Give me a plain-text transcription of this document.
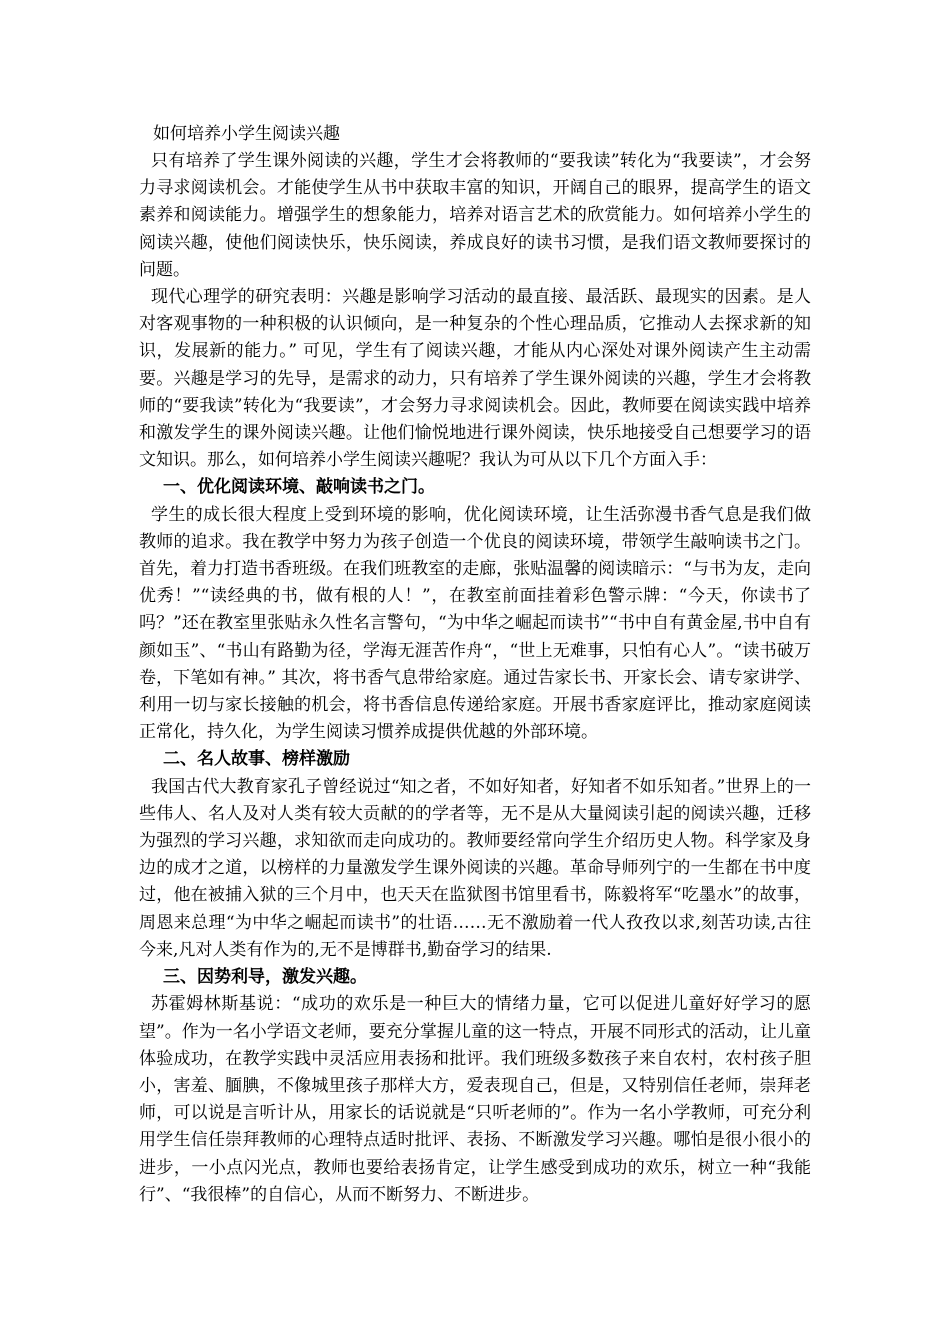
如何培养小学生阅读兴趣

只有培养了学生课外阅读的兴趣，学生才会将教师的“要我读”转化为“我要读”，才会努力寻求阅读机会。才能使学生从书中获取丰富的知识，开阔自己的眼界，提高学生的语文素养和阅读能力。增强学生的想象能力，培养对语言艺术的欣赏能力。如何培养小学生的阅读兴趣，使他们阅读快乐，快乐阅读，养成良好的读书习惯，是我们语文教师要探讨的问题。

现代心理学的研究表明：兴趣是影响学习活动的最直接、最活跃、最现实的因素。是人对客观事物的一种积极的认识倾向，是一种复杂的个性心理品质，它推动人去探求新的知识，发展新的能力。” 可见，学生有了阅读兴趣，才能从内心深处对课外阅读产生主动需要。兴趣是学习的先导，是需求的动力，只有培养了学生课外阅读的兴趣，学生才会将教师的“要我读”转化为“我要读”，才会努力寻求阅读机会。因此，教师要在阅读实践中培养和激发学生的课外阅读兴趣。让他们愉悦地进行课外阅读，快乐地接受自己想要学习的语文知识。那么，如何培养小学生阅读兴趣呢？我认为可从以下几个方面入手：

一、优化阅读环境、敲响读书之门。

学生的成长很大程度上受到环境的影响，优化阅读环境，让生活弥漫书香气息是我们做教师的追求。我在教学中努力为孩子创造一个优良的阅读环境，带领学生敲响读书之门。 首先，着力打造书香班级。在我们班教室的走廊，张贴温馨的阅读暗示：“与书为友，走向优秀！”“读经典的书，做有根的人！”，在教室前面挂着彩色警示牌：“今天，你读书了吗？”还在教室里张贴永久性名言警句，“为中华之崛起而读书”“书中自有黄金屋,书中自有颜如玉”、“书山有路勤为径，学海无涯苦作舟“，“世上无难事，只怕有心人”。“读书破万卷，下笔如有神。” 其次，将书香气息带给家庭。通过告家长书、开家长会、请专家讲学、利用一切与家长接触的机会，将书香信息传递给家庭。开展书香家庭评比，推动家庭阅读正常化，持久化，为学生阅读习惯养成提供优越的外部环境。

二、名人故事、榜样激励

我国古代大教育家孔子曾经说过“知之者，不如好知者，好知者不如乐知者。”世界上的一些伟人、名人及对人类有较大贡献的的学者等，无不是从大量阅读引起的阅读兴趣，迁移为强烈的学习兴趣，求知欲而走向成功的。教师要经常向学生介绍历史人物。科学家及身边的成才之道，以榜样的力量激发学生课外阅读的兴趣。革命导师列宁的一生都在书中度过，他在被捕入狱的三个月中，也天天在监狱图书馆里看书，陈毅将军“吃墨水”的故事，周恩来总理“为中华之崛起而读书”的壮语……无不激励着一代人孜孜以求,刻苦功读,古往今来,凡对人类有作为的,无不是博群书,勤奋学习的结果.

三、因势利导，激发兴趣。

苏霍姆林斯基说：“成功的欢乐是一种巨大的情绪力量，它可以促进儿童好好学习的愿望”。作为一名小学语文老师，要充分掌握儿童的这一特点，开展不同形式的活动，让儿童体验成功，在教学实践中灵活应用表扬和批评。我们班级多数孩子来自农村，农村孩子胆小，害羞、腼腆，不像城里孩子那样大方，爱表现自己，但是，又特别信任老师，崇拜老师，可以说是言听计从，用家长的话说就是“只听老师的”。作为一名小学教师，可充分利用学生信任崇拜教师的心理特点适时批评、表扬、不断激发学习兴趣。哪怕是很小很小的进步，一小点闪光点，教师也要给表扬肯定，让学生感受到成功的欢乐，树立一种“我能行”、“我很棒”的自信心，从而不断努力、不断进步。
